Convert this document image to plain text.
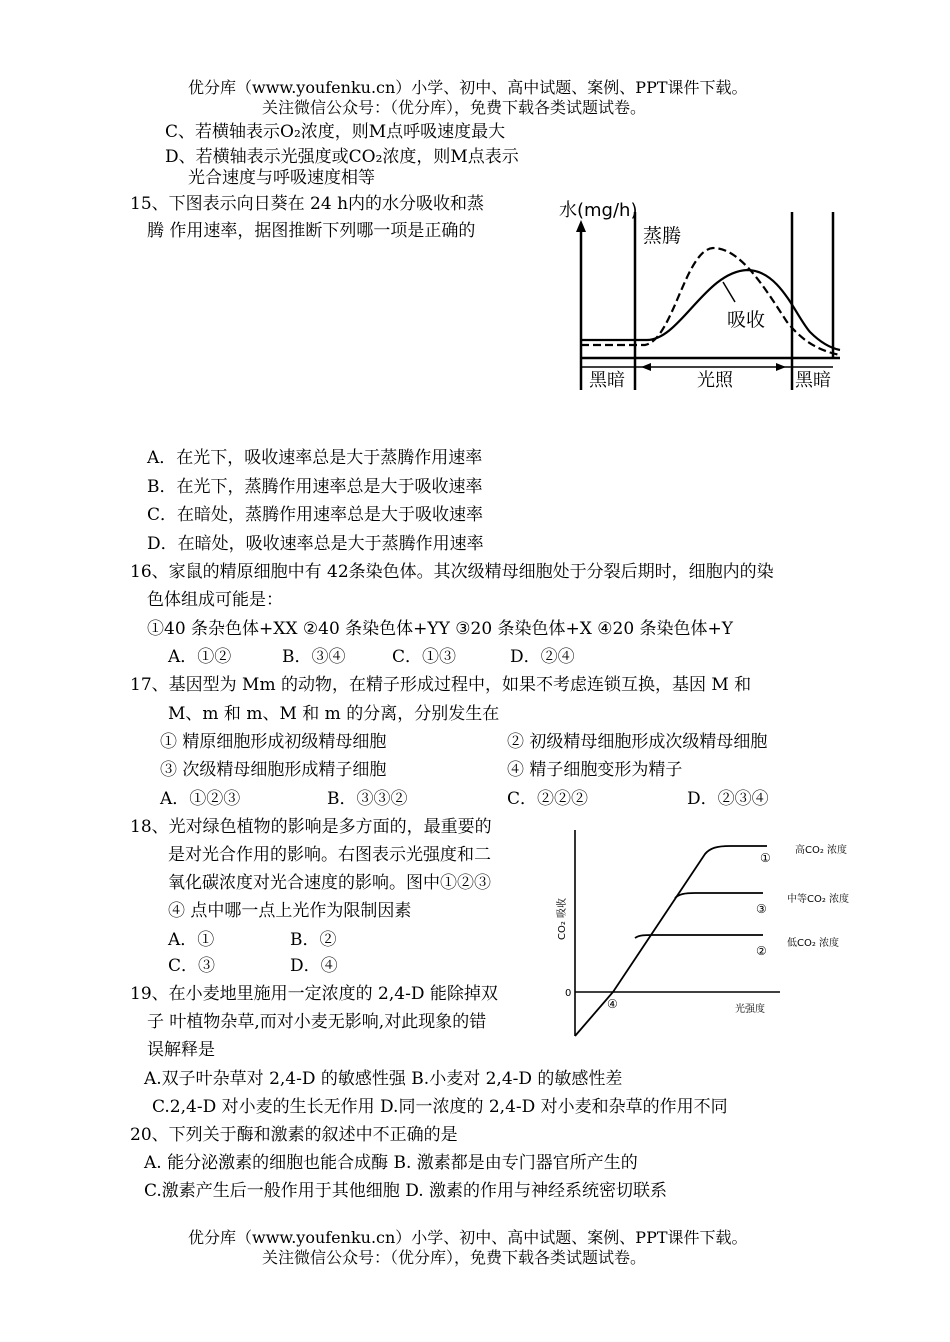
优分库（www.youfenku.cn）小学、初中、高中试题、案例、PPT课件下载。
关注微信公众号：（优分库），免费下载各类试题试卷。
C、若横轴表示O₂浓度，则M点呼吸速度最大
D、若横轴表示光强度或CO₂浓度，则M点表示
光合速度与呼吸速度相等
15、下图表示向日葵在 24 h内的水分吸收和蒸
腾 作用速率，据图推断下列哪一项是正确的
水(mg/h)
蒸腾
吸收
黑暗	光照	黑暗
A．在光下，吸收速率总是大于蒸腾作用速率
B．在光下，蒸腾作用速率总是大于吸收速率
C．在暗处，蒸腾作用速率总是大于吸收速率
D．在暗处，吸收速率总是大于蒸腾作用速率
16、家鼠的精原细胞中有 42条染色体。其次级精母细胞处于分裂后期时，细胞内的染
色体组成可能是：
①40 条杂色体+XX ②40 条染色体+YY ③20 条染色体+X ④20 条染色体+Y
A．①②	B．③④	C．①③	D．②④
17、基因型为 Mm 的动物，在精子形成过程中，如果不考虑连锁互换，基因 M 和
M、m 和 m、M 和 m 的分离，分别发生在
① 精原细胞形成初级精母细胞	② 初级精母细胞形成次级精母细胞
③ 次级精母细胞形成精子细胞	④ 精子细胞变形为精子
A．①②③	B．③③②	C．②②②	D．②③④
18、光对绿色植物的影响是多方面的，最重要的
是对光合作用的影响。右图表示光强度和二
氧化碳浓度对光合速度的影响。图中①②③
④ 点中哪一点上光作为限制因素
A．①	B．②
C．③	D．④
CO₂ 吸收
0
光强度
高CO₂ 浓度
中等CO₂ 浓度
低CO₂ 浓度
①
③
②
④
19、在小麦地里施用一定浓度的 2,4-D 能除掉双
子 叶植物杂草,而对小麦无影响,对此现象的错
误解释是
A.双子叶杂草对 2,4-D 的敏感性强 B.小麦对 2,4-D 的敏感性差
C.2,4-D 对小麦的生长无作用 D.同一浓度的 2,4-D 对小麦和杂草的作用不同
20、下列关于酶和激素的叙述中不正确的是
A. 能分泌激素的细胞也能合成酶 B. 激素都是由专门器官所产生的
C.激素产生后一般作用于其他细胞 D. 激素的作用与神经系统密切联系
优分库（www.youfenku.cn）小学、初中、高中试题、案例、PPT课件下载。
关注微信公众号：（优分库），免费下载各类试题试卷。
